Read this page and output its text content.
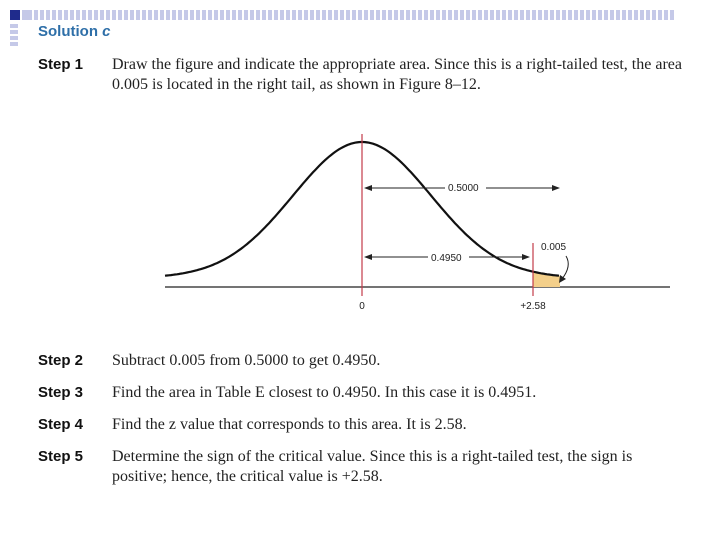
Solution c
Step 1 Draw the figure and indicate the appropriate area. Since this is a right-tailed test, the area 0.005 is located in the right tail, as shown in Figure 8–12.
0.5000
0.4950
0.005
0	+2.58
Step 2 Subtract 0.005 from 0.5000 to get 0.4950.
Step 3 Find the area in Table E closest to 0.4950. In this case it is 0.4951.
Step 4 Find the z value that corresponds to this area. It is 2.58.
Step 5 Determine the sign of the critical value. Since this is a right-tailed test, the sign is positive; hence, the critical value is +2.58.
